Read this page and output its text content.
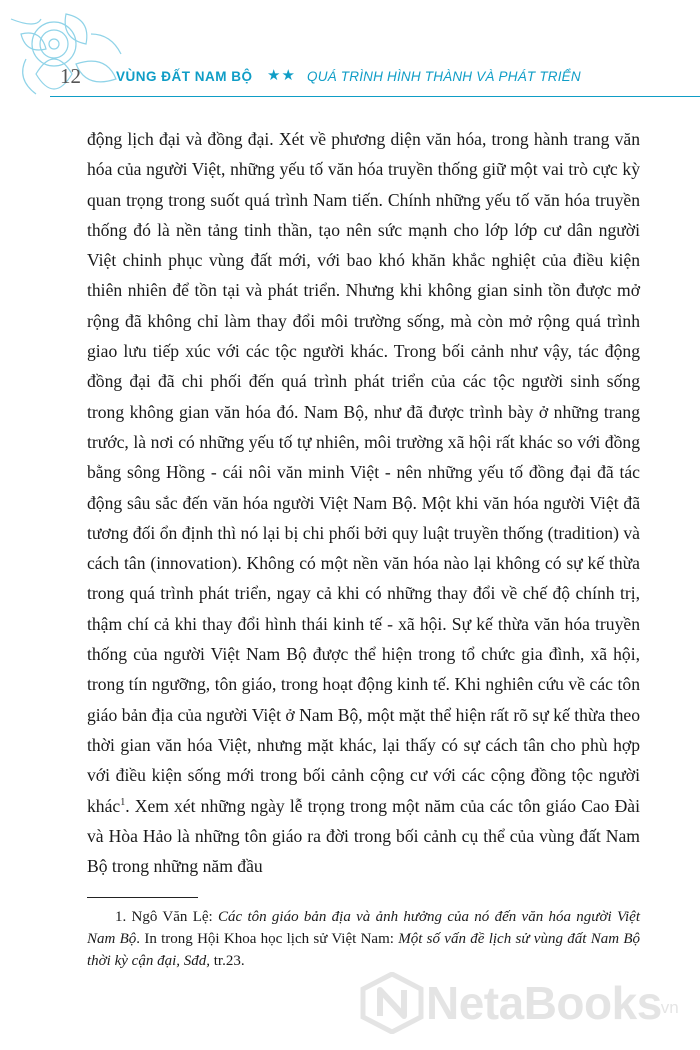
12	VÙNG ĐẤT NAM BỘ ★★ QUÁ TRÌNH HÌNH THÀNH VÀ PHÁT TRIỂN

động lịch đại và đồng đại. Xét về phương diện văn hóa, trong hành trang văn hóa của người Việt, những yếu tố văn hóa truyền thống giữ một vai trò cực kỳ quan trọng trong suốt quá trình Nam tiến. Chính những yếu tố văn hóa truyền thống đó là nền tảng tinh thần, tạo nên sức mạnh cho lớp lớp cư dân người Việt chinh phục vùng đất mới, với bao khó khăn khắc nghiệt của điều kiện thiên nhiên để tồn tại và phát triển. Nhưng khi không gian sinh tồn được mở rộng đã không chỉ làm thay đổi môi trường sống, mà còn mở rộng quá trình giao lưu tiếp xúc với các tộc người khác. Trong bối cảnh như vậy, tác động đồng đại đã chi phối đến quá trình phát triển của các tộc người sinh sống trong không gian văn hóa đó. Nam Bộ, như đã được trình bày ở những trang trước, là nơi có những yếu tố tự nhiên, môi trường xã hội rất khác so với đồng bằng sông Hồng - cái nôi văn minh Việt - nên những yếu tố đồng đại đã tác động sâu sắc đến văn hóa người Việt Nam Bộ. Một khi văn hóa người Việt đã tương đối ổn định thì nó lại bị chi phối bởi quy luật truyền thống (tradition) và cách tân (innovation). Không có một nền văn hóa nào lại không có sự kế thừa trong quá trình phát triển, ngay cả khi có những thay đổi về chế độ chính trị, thậm chí cả khi thay đổi hình thái kinh tế - xã hội. Sự kế thừa văn hóa truyền thống của người Việt Nam Bộ được thể hiện trong tổ chức gia đình, xã hội, trong tín ngưỡng, tôn giáo, trong hoạt động kinh tế. Khi nghiên cứu về các tôn giáo bản địa của người Việt ở Nam Bộ, một mặt thể hiện rất rõ sự kế thừa theo thời gian văn hóa Việt, nhưng mặt khác, lại thấy có sự cách tân cho phù hợp với điều kiện sống mới trong bối cảnh cộng cư với các cộng đồng tộc người khác$^1$. Xem xét những ngày lễ trọng trong một năm của các tôn giáo Cao Đài và Hòa Hảo là những tôn giáo ra đời trong bối cảnh cụ thể của vùng đất Nam Bộ trong những năm đầu

1. Ngô Văn Lệ: Các tôn giáo bản địa và ảnh hưởng của nó đến văn hóa người Việt Nam Bộ. In trong Hội Khoa học lịch sử Việt Nam: Một số vấn đề lịch sử vùng đất Nam Bộ thời kỳ cận đại, Sđd, tr.23.

NetaBooks
.vn
